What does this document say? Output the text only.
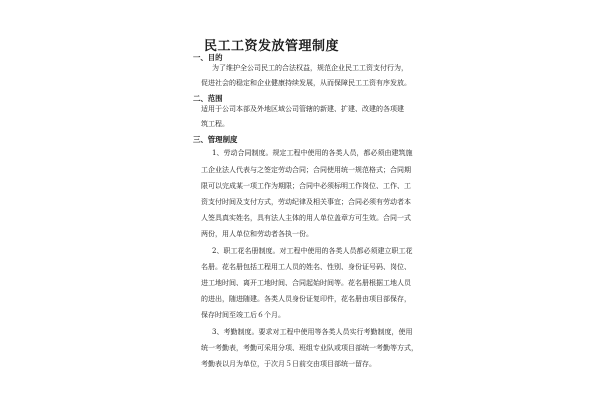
民工工资发放管理制度
一、目的
为了维护全公司民工的合法权益，规范企业民工工资支付行为，
促进社会的稳定和企业健康持续发展，从而保障民工工资有序发放。
二、范围
适用于公司本部及外地区域公司管辖的新建、扩建、改建的各项建
筑工程。
三、管理制度
1、劳动合同制度。规定工程中使用的各类人员，都必须由建筑施
工企业法人代表与之签定劳动合同；合同使用统一规范格式；合同期
限可以完成某一项工作为期限；合同中必须标明工作岗位、工作、工
资支付时间及支付方式，劳动纪律及相关事宜；合同必须有劳动者本
人签具真实姓名，具有法人主体的用人单位盖章方可生效。合同一式
两份，用人单位和劳动者各执一份。
2、职工花名册制度。对工程中使用的各类人员都必须建立职工花
名册。花名册包括工程用工人员的姓名、性别、身份证号码、岗位、
进工地时间、离开工地时间、合同起始时间等。花名册根据工地人员
的进出，随进随建。各类人员身份证复印件，花名册由项目部保存，
保存时间至竣工后６个月。
3、考勤制度。要求对工程中使用等各类人员实行考勤制度，使用
统一考勤表，考勤可采用分项、班组专业队或项目部统一考勤等方式，
考勤表以月为单位，于次月５日前交由项目部统一留存。
